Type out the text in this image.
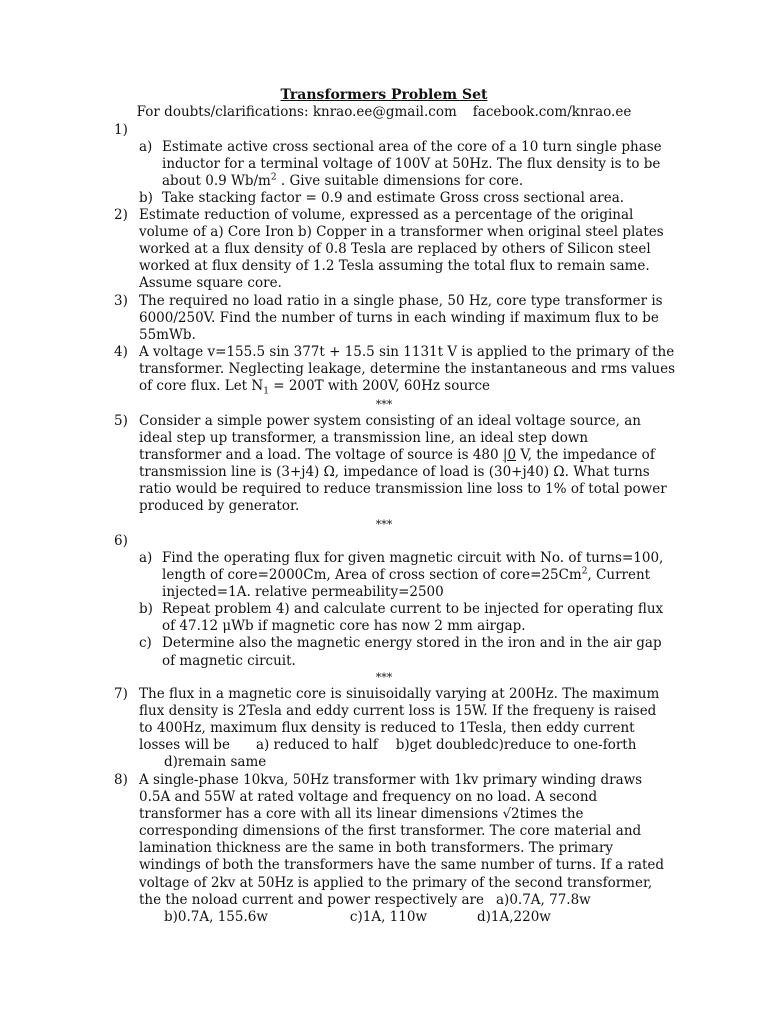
Transformers Problem Set
For doubts/clarifications: knrao.ee@gmail.com facebook.com/knrao.ee
1)
a) Estimate active cross sectional area of the core of a 10 turn single phase
inductor for a terminal voltage of 100V at 50Hz. The flux density is to be
about 0.9 $Wb/m^2$ . Give suitable dimensions for core.
b) Take stacking factor = 0.9 and estimate Gross cross sectional area.
2) Estimate reduction of volume, expressed as a percentage of the original
volume of a) Core Iron b) Copper in a transformer when original steel plates
worked at a flux density of 0.8 Tesla are replaced by others of Silicon steel
worked at flux density of 1.2 Tesla assuming the total flux to remain same.
Assume square core.
3) The required no load ratio in a single phase, 50 Hz, core type transformer is
6000/250V. Find the number of turns in each winding if maximum flux to be
55mWb.
4) A voltage v=155.5 sin 377t + 15.5 sin 1131t V is applied to the primary of the
transformer. Neglecting leakage, determine the instantaneous and rms values
of core flux. Let $N_1 = 200T$ with 200V, 60Hz source
***
5) Consider a simple power system consisting of an ideal voltage source, an
ideal step up transformer, a transmission line, an ideal step down
transformer and a load. The voltage of source is 480 |0 V, the impedance of
transmission line is (3+j4) Ω, impedance of load is (30+j40) Ω. What turns
ratio would be required to reduce transmission line loss to 1% of total power
produced by generator.
***
6)
a) Find the operating flux for given magnetic circuit with No. of turns=100,
length of core=2000Cm, Area of cross section of $core=25Cm^2$, Current
injected=1A. relative permeability=2500
b) Repeat problem 4) and calculate current to be injected for operating flux
of 47.12 μWb if magnetic core has now 2 mm airgap.
c) Determine also the magnetic energy stored in the iron and in the air gap
of magnetic circuit.
***
7) The flux in a magnetic core is sinuisoidally varying at 200Hz. The maximum
flux density is 2Tesla and eddy current loss is 15W. If the frequeny is raised
to 400Hz, maximum flux density is reduced to 1Tesla, then eddy current
losses will be a) reduced to half b)get doubledc)reduce to one-forth
d)remain same
8) A single-phase 10kva, 50Hz transformer with 1kv primary winding draws
0.5A and 55W at rated voltage and frequency on no load. A second
transformer has a core with all its linear dimensions √2times the
corresponding dimensions of the first transformer. The core material and
lamination thickness are the same in both transformers. The primary
windings of both the transformers have the same number of turns. If a rated
voltage of 2kv at 50Hz is applied to the primary of the second transformer,
the the noload current and power respectively are a)0.7A, 77.8w
b)0.7A, 155.6w	c)1A, 110w	d)1A,220w
